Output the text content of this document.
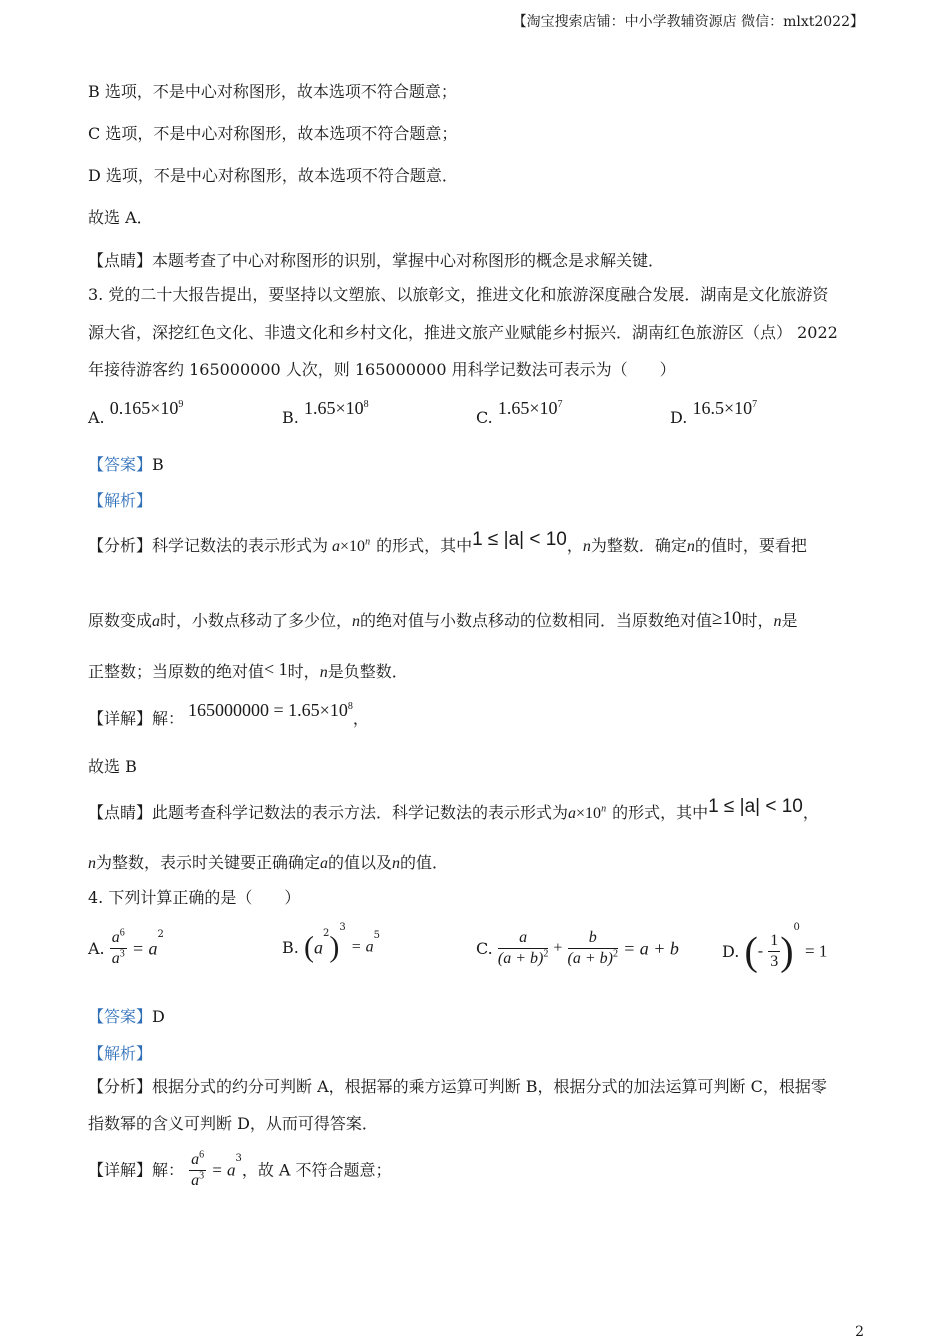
【淘宝搜索店铺：中小学教辅资源店 微信：mlxt2022】
B 选项，不是中心对称图形，故本选项不符合题意；
C 选项，不是中心对称图形，故本选项不符合题意；
D 选项，不是中心对称图形，故本选项不符合题意．
故选 A．
【点睛】本题考查了中心对称图形的识别，掌握中心对称图形的概念是求解关键．
3. 党的二十大报告提出，要坚持以文塑旅、以旅彰文，推进文化和旅游深度融合发展．湖南是文化旅游资
源大省，深挖红色文化、非遗文化和乡村文化，推进文旅产业赋能乡村振兴．湖南红色旅游区（点） 2022
年接待游客约 165000000 人次，则 165000000 用科学记数法可表示为（　　）
A. $0.165\times 10^9$
B. $1.65\times 10^8$
C. $1.65\times 10^7$
D. $16.5\times 10^7$
【答案】B
【解析】
【分析】科学记数法的表示形式为 $a\times 10^n$ 的形式，其中1 ≤ |a| < 10，n为整数．确定n的值时，要看把
原数变成a时，小数点移动了多少位，n的绝对值与小数点移动的位数相同．当原数绝对值≥10时，n是
正整数；当原数的绝对值< 1时，n是负整数．
【详解】解： $165000000 = 1.65\times 10^8$，
故选 B
【点睛】此题考查科学记数法的表示方法．科学记数法的表示形式为$a\times 10^n$ 的形式，其中1 ≤ |a| < 10，
n为整数，表示时关键要正确确定a的值以及n的值．
4. 下列计算正确的是（　　）
A. $\frac{a^6}{a^3} = a^2$
B. $(a^2)^3 = a^5$
C. $\frac{a}{(a + b)^2} + \frac{b}{(a + b)^2} = a + b$	D. (- $\frac{1}{3} )^0 = 1$
【答案】D
【解析】
【分析】根据分式的约分可判断 A，根据幂的乘方运算可判断 B，根据分式的加法运算可判断 C，根据零
指数幂的含义可判断 D，从而可得答案．
【详解】解： $\frac{a^6}{a^3} = a^3$，故 A 不符合题意；
2
